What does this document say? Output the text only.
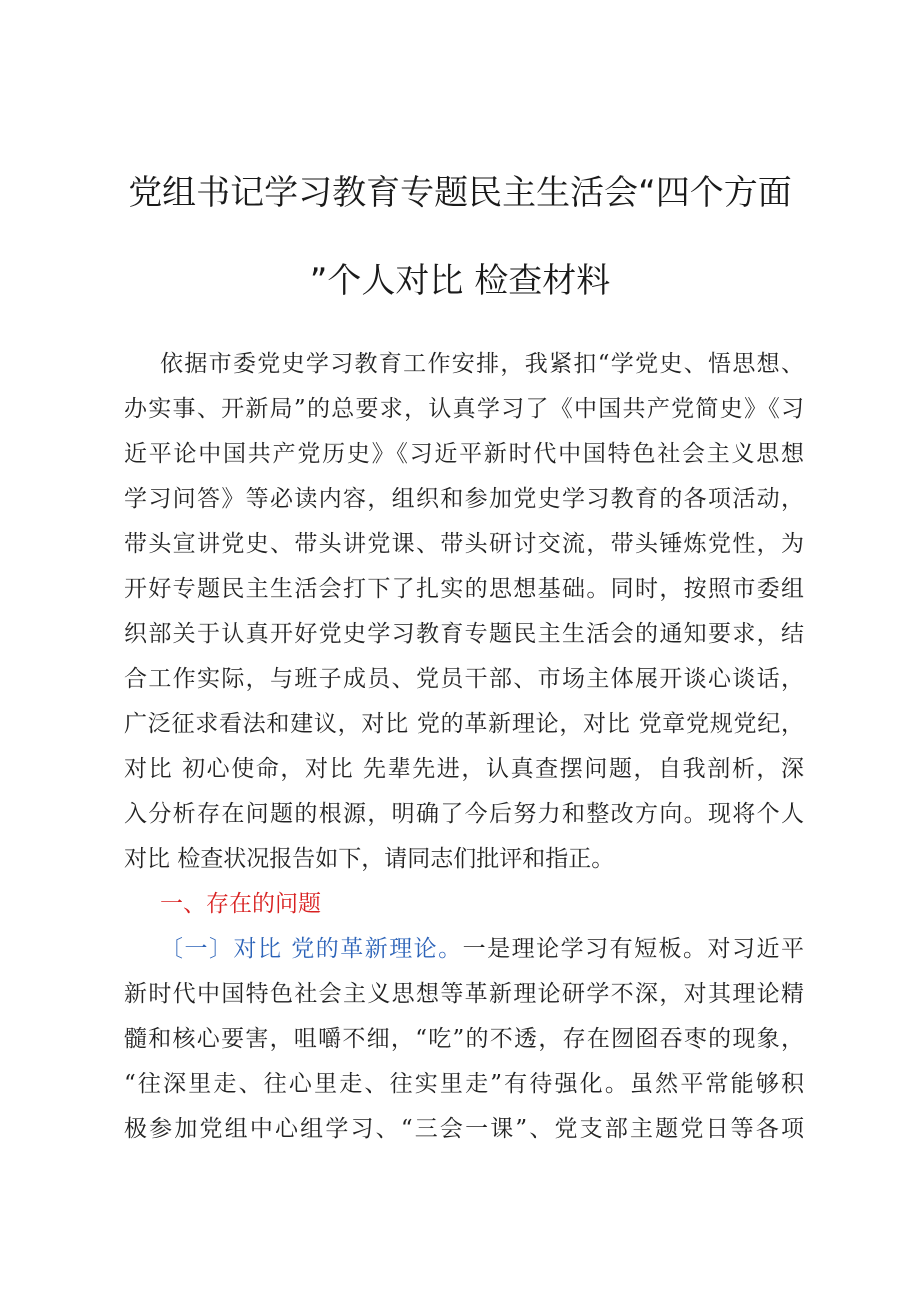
党组书记学习教育专题民主生活会“四个方面
”个人对比 检查材料
依据市委党史学习教育工作安排，我紧扣“学党史、悟思想、
办实事、开新局”的总要求，认真学习了《中国共产党简史》《习
近平论中国共产党历史》《习近平新时代中国特色社会主义思想
学习问答》等必读内容，组织和参加党史学习教育的各项活动，
带头宣讲党史、带头讲党课、带头研讨交流，带头锤炼党性，为
开好专题民主生活会打下了扎实的思想基础。同时，按照市委组
织部关于认真开好党史学习教育专题民主生活会的通知要求，结
合工作实际，与班子成员、党员干部、市场主体展开谈心谈话，
广泛征求看法和建议，对比 党的革新理论，对比 党章党规党纪，
对比 初心使命，对比 先辈先进，认真查摆问题，自我剖析，深
入分析存在问题的根源，明确了今后努力和整改方向。现将个人
对比 检查状况报告如下，请同志们批评和指正。
一、存在的问题
〔一〕对比 党的革新理论。一是理论学习有短板。对习近平
新时代中国特色社会主义思想等革新理论研学不深，对其理论精
髓和核心要害，咀嚼不细，“吃”的不透，存在囫囵吞枣的现象，
“往深里走、往心里走、往实里走”有待强化。虽然平常能够积
极参加党组中心组学习、“三会一课”、党支部主题党日等各项
